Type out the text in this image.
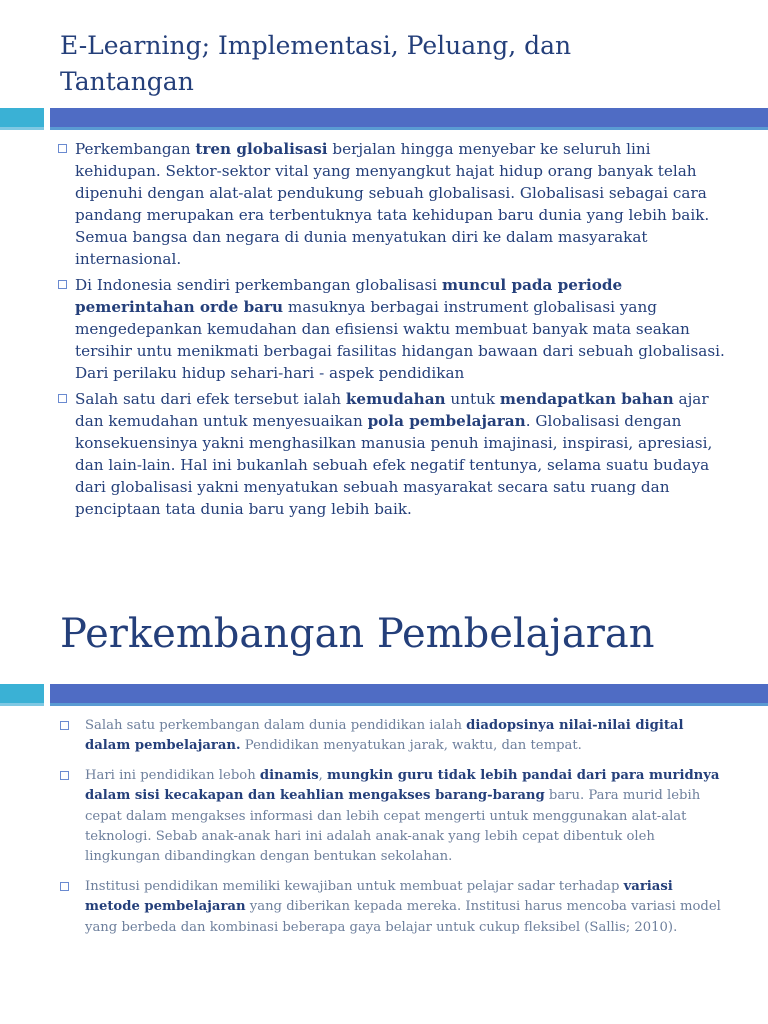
E-Learning; Implementasi, Peluang, dan Tantangan
Perkembangan tren globalisasi berjalan hingga menyebar ke seluruh lini kehidupan. Sektor-sektor vital yang menyangkut hajat hidup orang banyak telah dipenuhi dengan alat-alat pendukung sebuah globalisasi. Globalisasi sebagai cara pandang merupakan era terbentuknya tata kehidupan baru dunia yang lebih baik. Semua bangsa dan negara di dunia menyatukan diri ke dalam masyarakat internasional.
Di Indonesia sendiri perkembangan globalisasi muncul pada periode pemerintahan orde baru masuknya berbagai instrument globalisasi yang mengedepankan kemudahan dan efisiensi waktu membuat banyak mata seakan tersihir untu menikmati berbagai fasilitas hidangan bawaan dari sebuah globalisasi. Dari perilaku hidup sehari-hari - aspek pendidikan
Salah satu dari efek tersebut ialah kemudahan untuk mendapatkan bahan ajar dan kemudahan untuk menyesuaikan pola pembelajaran. Globalisasi dengan konsekuensinya yakni menghasilkan manusia penuh imajinasi, inspirasi, apresiasi, dan lain-lain. Hal ini bukanlah sebuah efek negatif tentunya, selama suatu budaya dari globalisasi yakni menyatukan sebuah masyarakat secara satu ruang dan penciptaan tata dunia baru yang lebih baik.
Perkembangan Pembelajaran
Salah satu perkembangan dalam dunia pendidikan ialah diadopsinya nilai-nilai digital dalam pembelajaran. Pendidikan menyatukan jarak, waktu, dan tempat.
Hari ini pendidikan leboh dinamis, mungkin guru tidak lebih pandai dari para muridnya dalam sisi kecakapan dan keahlian mengakses barang-barang baru. Para murid lebih cepat dalam mengakses informasi dan lebih cepat mengerti untuk menggunakan alat-alat teknologi. Sebab anak-anak hari ini adalah anak-anak yang lebih cepat dibentuk oleh lingkungan dibandingkan dengan bentukan sekolahan.
Institusi pendidikan memiliki kewajiban untuk membuat pelajar sadar terhadap variasi metode pembelajaran yang diberikan kepada mereka. Institusi harus mencoba variasi model yang berbeda dan kombinasi beberapa gaya belajar untuk cukup fleksibel (Sallis; 2010).
